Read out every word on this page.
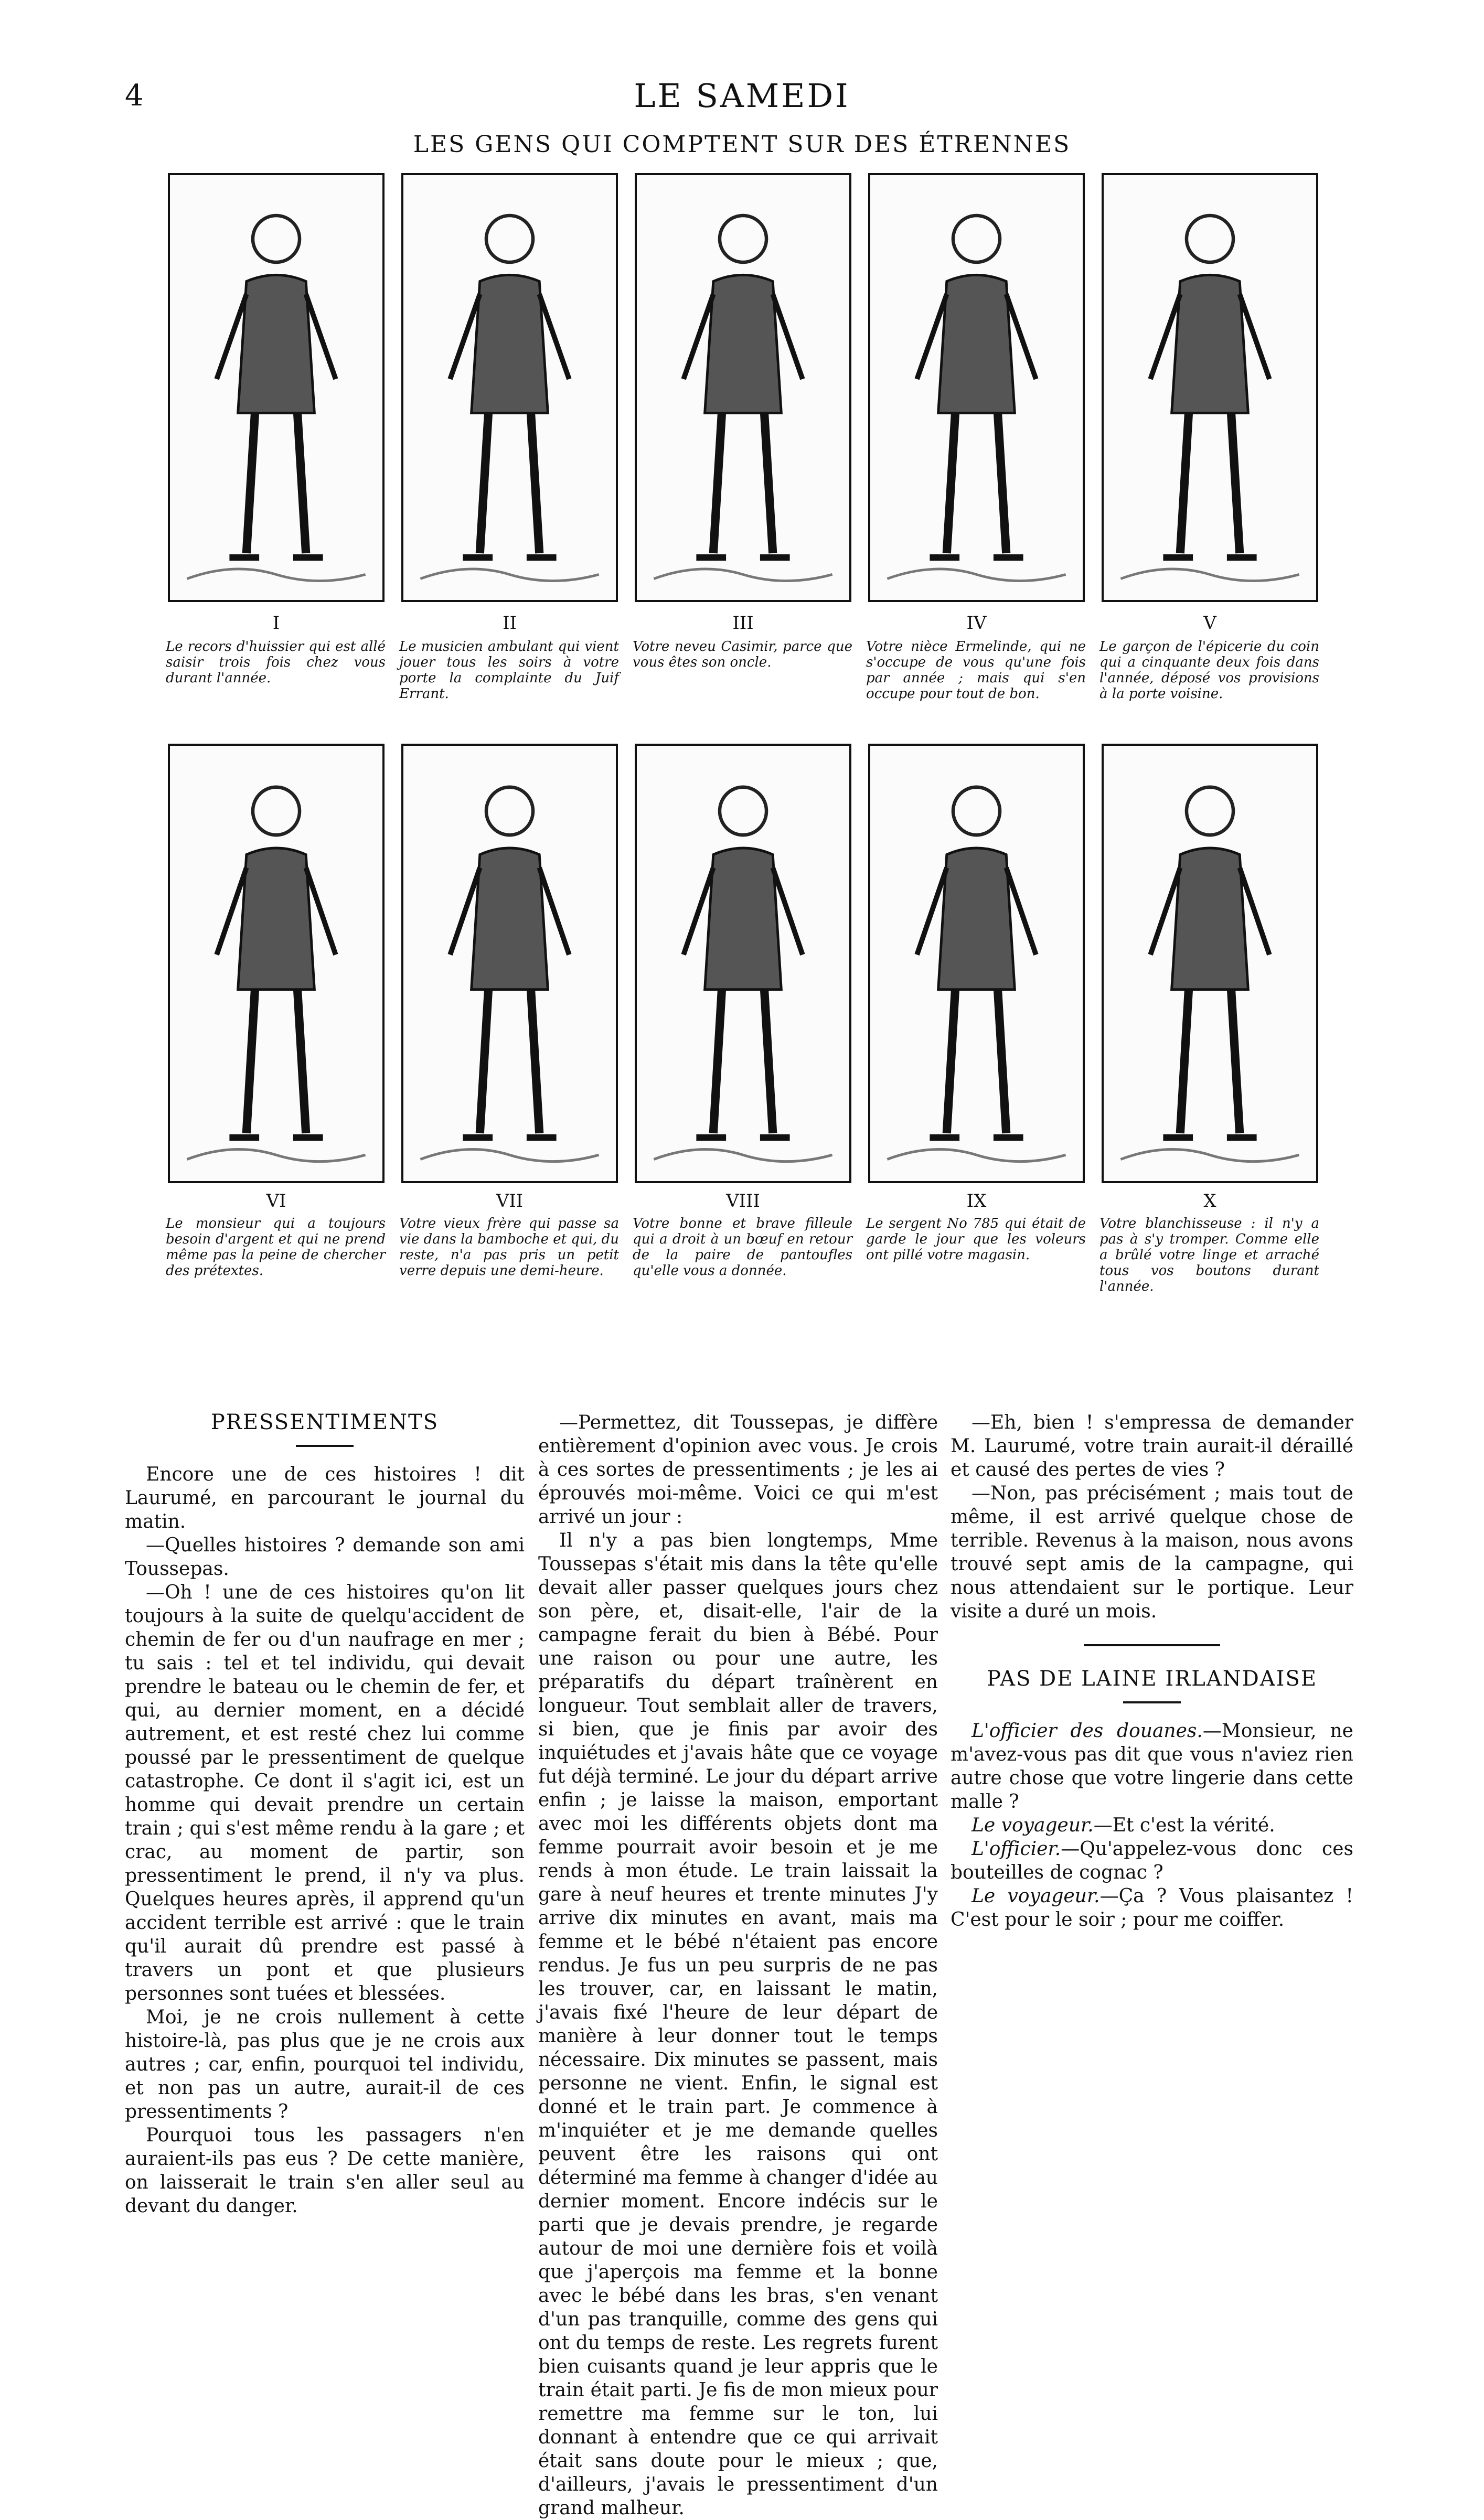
4	LE SAMEDI
LES GENS QUI COMPTENT SUR DES ÉTRENNES
I
Le recors d'huissier qui est allé saisir trois fois chez vous durant l'année.
II
Le musicien ambulant qui vient jouer tous les soirs à votre porte la complainte du Juif Errant.
III
Votre neveu Casimir, parce que vous êtes son oncle.
IV
Votre nièce Ermelinde, qui ne s'occupe de vous qu'une fois par année ; mais qui s'en occupe pour tout de bon.
V
Le garçon de l'épicerie du coin qui a cinquante deux fois dans l'année, déposé vos provisions à la porte voisine.
VI
Le monsieur qui a toujours besoin d'argent et qui ne prend même pas la peine de chercher des prétextes.
VII
Votre vieux frère qui passe sa vie dans la bamboche et qui, du reste, n'a pas pris un petit verre depuis une demi-heure.
VIII
Votre bonne et brave filleule qui a droit à un bœuf en retour de la paire de pantoufles qu'elle vous a donnée.
IX
Le sergent No 785 qui était de garde le jour que les voleurs ont pillé votre magasin.
X
Votre blanchisseuse : il n'y a pas à s'y tromper. Comme elle a brûlé votre linge et arraché tous vos boutons durant l'année.
PRESSENTIMENTS

Encore une de ces histoires ! dit Laurumé, en parcourant le journal du matin.

—Quelles histoires ? demande son ami Toussepas.

—Oh ! une de ces histoires qu'on lit toujours à la suite de quelqu'accident de chemin de fer ou d'un naufrage en mer ; tu sais : tel et tel individu, qui devait prendre le bateau ou le chemin de fer, et qui, au dernier moment, en a décidé autrement, et est resté chez lui comme poussé par le pressentiment de quelque catastrophe. Ce dont il s'agit ici, est un homme qui devait prendre un certain train ; qui s'est même rendu à la gare ; et crac, au moment de partir, son pressentiment le prend, il n'y va plus. Quelques heures après, il apprend qu'un accident terrible est arrivé : que le train qu'il aurait dû prendre est passé à travers un pont et que plusieurs personnes sont tuées et blessées.

Moi, je ne crois nullement à cette histoire-là, pas plus que je ne crois aux autres ; car, enfin, pourquoi tel individu, et non pas un autre, aurait-il de ces pressentiments ?

Pourquoi tous les passagers n'en auraient-ils pas eus ? De cette manière, on laisserait le train s'en aller seul au devant du danger.

—Permettez, dit Toussepas, je diffère entièrement d'opinion avec vous. Je crois à ces sortes de pressentiments ; je les ai éprouvés moi-même. Voici ce qui m'est arrivé un jour :

Il n'y a pas bien longtemps, Mme Toussepas s'était mis dans la tête qu'elle devait aller passer quelques jours chez son père, et, disait-elle, l'air de la campagne ferait du bien à Bébé. Pour une raison ou pour une autre, les préparatifs du départ traînèrent en longueur. Tout semblait aller de travers, si bien, que je finis par avoir des inquiétudes et j'avais hâte que ce voyage fut déjà terminé. Le jour du départ arrive enfin ; je laisse la maison, emportant avec moi les différents objets dont ma femme pourrait avoir besoin et je me rends à mon étude. Le train laissait la gare à neuf heures et trente minutes J'y arrive dix minutes en avant, mais ma femme et le bébé n'étaient pas encore rendus. Je fus un peu surpris de ne pas les trouver, car, en laissant le matin, j'avais fixé l'heure de leur départ de manière à leur donner tout le temps nécessaire. Dix minutes se passent, mais personne ne vient. Enfin, le signal est donné et le train part. Je commence à m'inquiéter et je me demande quelles peuvent être les raisons qui ont déterminé ma femme à changer d'idée au dernier moment. Encore indécis sur le parti que je devais prendre, je regarde autour de moi une dernière fois et voilà que j'aperçois ma femme et la bonne avec le bébé dans les bras, s'en venant d'un pas tranquille, comme des gens qui ont du temps de reste. Les regrets furent bien cuisants quand je leur appris que le train était parti. Je fis de mon mieux pour remettre ma femme sur le ton, lui donnant à entendre que ce qui arrivait était sans doute pour le mieux ; que, d'ailleurs, j'avais le pressentiment d'un grand malheur.

—Eh, bien ! s'empressa de demander M. Laurumé, votre train aurait-il déraillé et causé des pertes de vies ?

—Non, pas précisément ; mais tout de même, il est arrivé quelque chose de terrible. Revenus à la maison, nous avons trouvé sept amis de la campagne, qui nous attendaient sur le portique. Leur visite a duré un mois.

PAS DE LAINE IRLANDAISE

L'officier des douanes.—Monsieur, ne m'avez-vous pas dit que vous n'aviez rien autre chose que votre lingerie dans cette malle ?

Le voyageur.—Et c'est la vérité.

L'officier.—Qu'appelez-vous donc ces bouteilles de cognac ?

Le voyageur.—Ça ? Vous plaisantez ! C'est pour le soir ; pour me coiffer.
